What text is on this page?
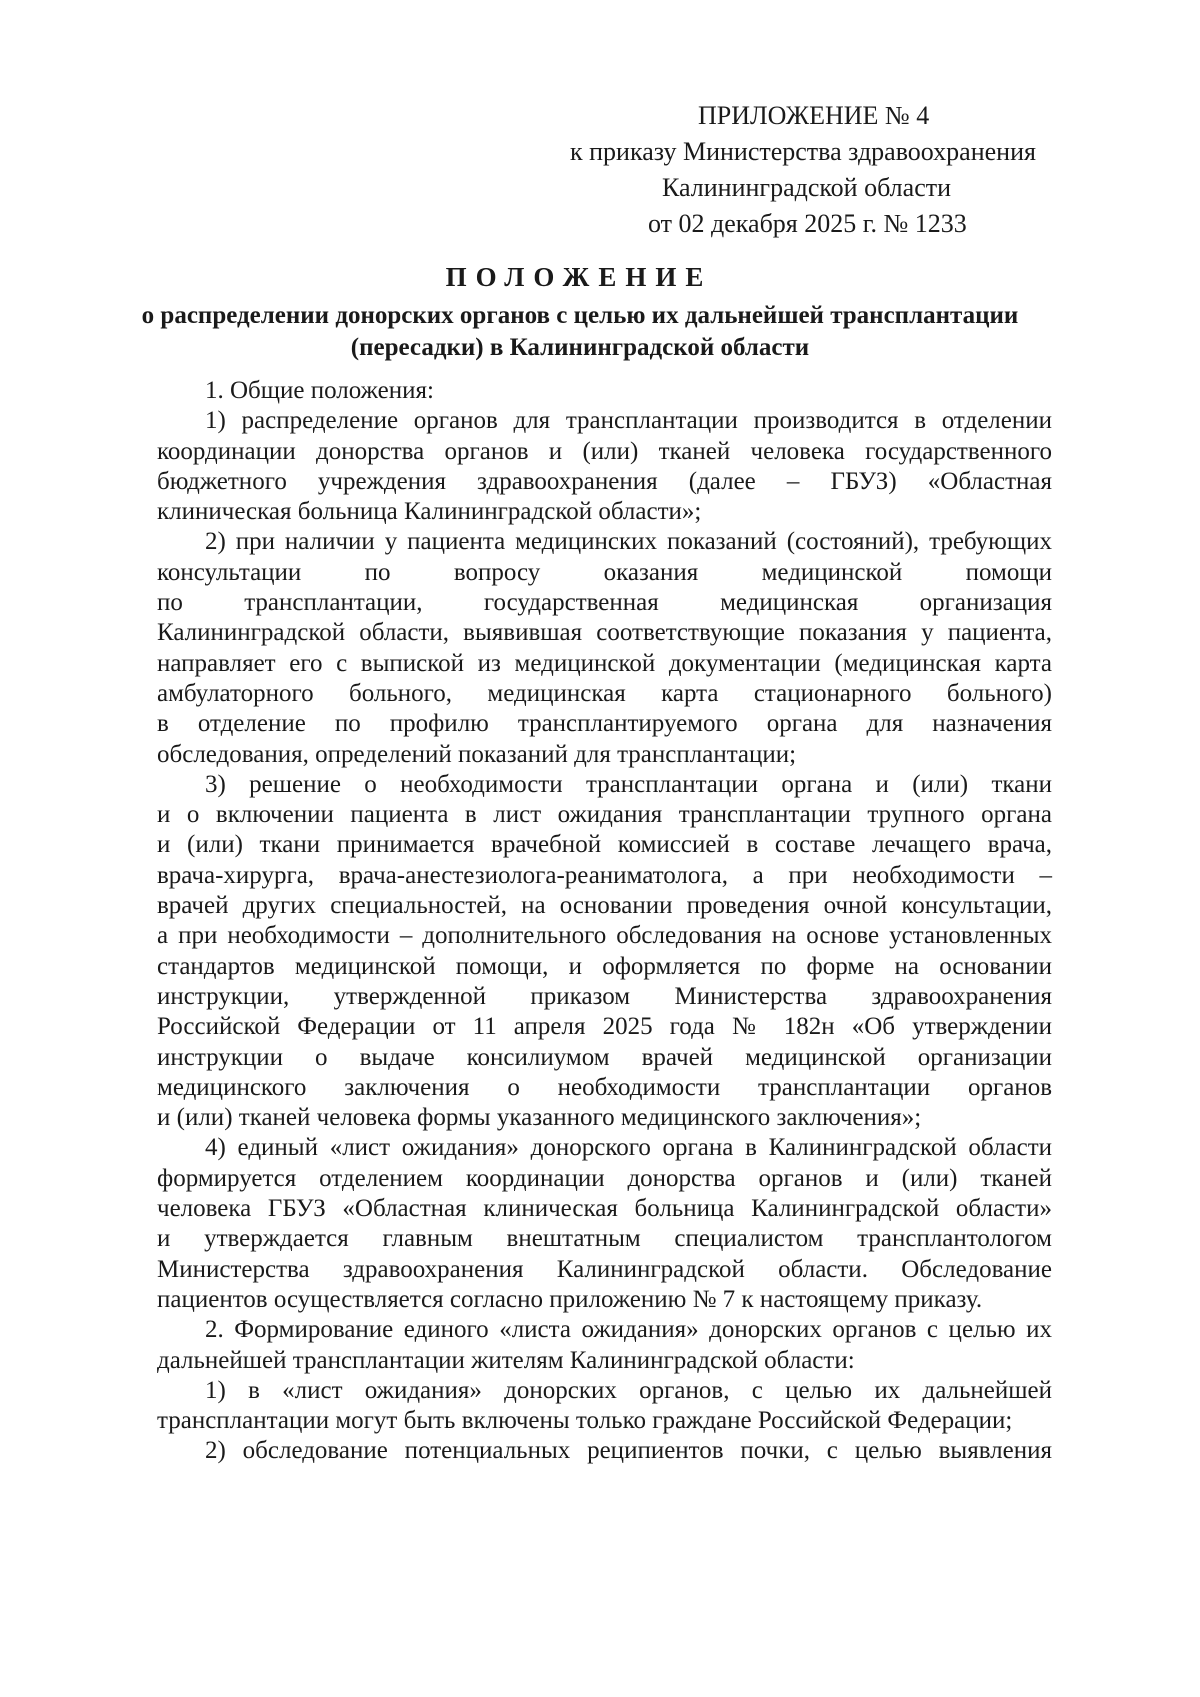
ПРИЛОЖЕНИЕ № 4
к приказу Министерства здравоохранения
Калининградской области
от 02 декабря 2025 г. № 1233
ПОЛОЖЕНИЕ
о распределении донорских органов с целью их дальнейшей трансплантации
(пересадки) в Калининградской области
1. Общие положения:
1) распределение органов для трансплантации производится в отделении
координации донорства органов и (или) тканей человека государственного
бюджетного учреждения здравоохранения (далее – ГБУЗ) «Областная
клиническая больница Калининградской области»;
2) при наличии у пациента медицинских показаний (состояний), требующих
консультации по вопросу оказания медицинской помощи
по трансплантации, государственная медицинская организация
Калининградской области, выявившая соответствующие показания у пациента,
направляет его с выпиской из медицинской документации (медицинская карта
амбулаторного больного, медицинская карта стационарного больного)
в отделение по профилю трансплантируемого органа для назначения
обследования, определений показаний для трансплантации;
3) решение о необходимости трансплантации органа и (или) ткани
и о включении пациента в лист ожидания трансплантации трупного органа
и (или) ткани принимается врачебной комиссией в составе лечащего врача,
врача-хирурга, врача-анестезиолога-реаниматолога, а при необходимости –
врачей других специальностей, на основании проведения очной консультации,
а при необходимости – дополнительного обследования на основе установленных
стандартов медицинской помощи, и оформляется по форме на основании
инструкции, утвержденной приказом Министерства здравоохранения
Российской Федерации от 11 апреля 2025 года № 182н «Об утверждении
инструкции о выдаче консилиумом врачей медицинской организации
медицинского заключения о необходимости трансплантации органов
и (или) тканей человека формы указанного медицинского заключения»;
4) единый «лист ожидания» донорского органа в Калининградской области
формируется отделением координации донорства органов и (или) тканей
человека ГБУЗ «Областная клиническая больница Калининградской области»
и утверждается главным внештатным специалистом трансплантологом
Министерства здравоохранения Калининградской области. Обследование
пациентов осуществляется согласно приложению № 7 к настоящему приказу.
2. Формирование единого «листа ожидания» донорских органов с целью их
дальнейшей трансплантации жителям Калининградской области:
1) в «лист ожидания» донорских органов, с целью их дальнейшей
трансплантации могут быть включены только граждане Российской Федерации;
2) обследование потенциальных реципиентов почки, с целью выявления
